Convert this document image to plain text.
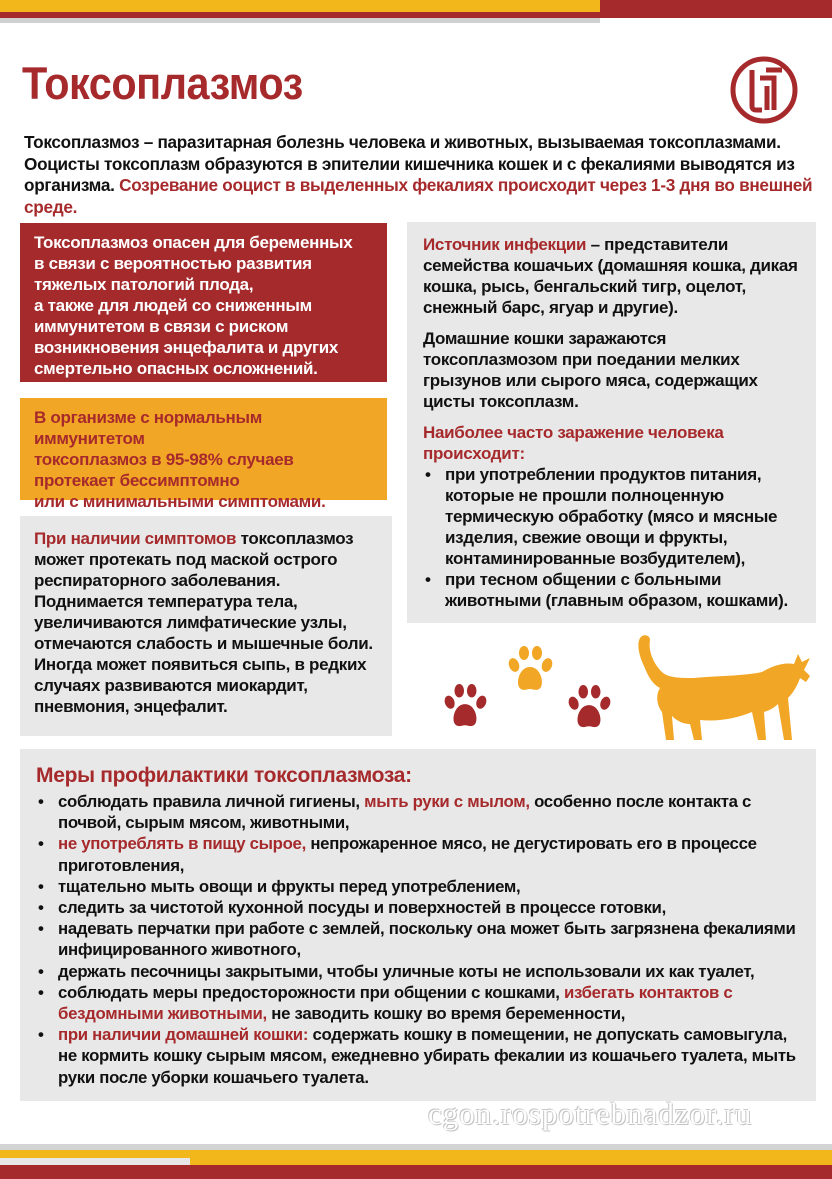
Токсоплазмоз
Токсоплазмоз – паразитарная болезнь человека и животных, вызываемая токсоплазмами. Ооцисты токсоплазм образуются в эпителии кишечника кошек и с фекалиями выводятся из организма. Созревание ооцист в выделенных фекалиях происходит через 1-3 дня во внешней среде.
Токсоплазмоз опасен для беременных
в связи с вероятностью развития
тяжелых патологий плода,
а также для людей со сниженным
иммунитетом в связи с риском
возникновения энцефалита и других
смертельно опасных осложнений.
В организме с нормальным иммунитетом
токсоплазмоз в 95-98% случаев
протекает бессимптомно
или с минимальными симптомами.
При наличии симптомов токсоплазмоз может протекать под маской острого респираторного заболевания. Поднимается температура тела, увеличиваются лимфатические узлы, отмечаются слабость и мышечные боли. Иногда может появиться сыпь, в редких случаях развиваются миокардит, пневмония, энцефалит.

Источник инфекции – представители семейства кошачьих (домашняя кошка, дикая кошка, рысь, бенгальский тигр, оцелот, снежный барс, ягуар и другие).

Домашние кошки заражаются токсоплазмозом при поедании мелких грызунов или сырого мяса, содержащих цисты токсоплазм.

Наиболее часто заражение человека происходит:

• при употреблении продуктов питания, которые не прошли полноценную термическую обработку (мясо и мясные изделия, свежие овощи и фрукты, контаминированные возбудителем),
• при тесном общении с больными животными (главным образом, кошками).
Меры профилактики токсоплазмоза:
• соблюдать правила личной гигиены, мыть руки с мылом, особенно после контакта с почвой, сырым мясом, животными,
• не употреблять в пищу сырое, непрожаренное мясо, не дегустировать его в процессе приготовления,
• тщательно мыть овощи и фрукты перед употреблением,
• следить за чистотой кухонной посуды и поверхностей в процессе готовки,
• надевать перчатки при работе с землей, поскольку она может быть загрязнена фекалиями инфицированного животного,
• держать песочницы закрытыми, чтобы уличные коты не использовали их как туалет,
• соблюдать меры предосторожности при общении с кошками, избегать контактов с бездомными животными, не заводить кошку во время беременности,
• при наличии домашней кошки: содержать кошку в помещении, не допускать самовыгула, не кормить кошку сырым мясом, ежедневно убирать фекалии из кошачьего туалета, мыть руки после уборки кошачьего туалета.
cgon.rospotrebnadzor.ru
